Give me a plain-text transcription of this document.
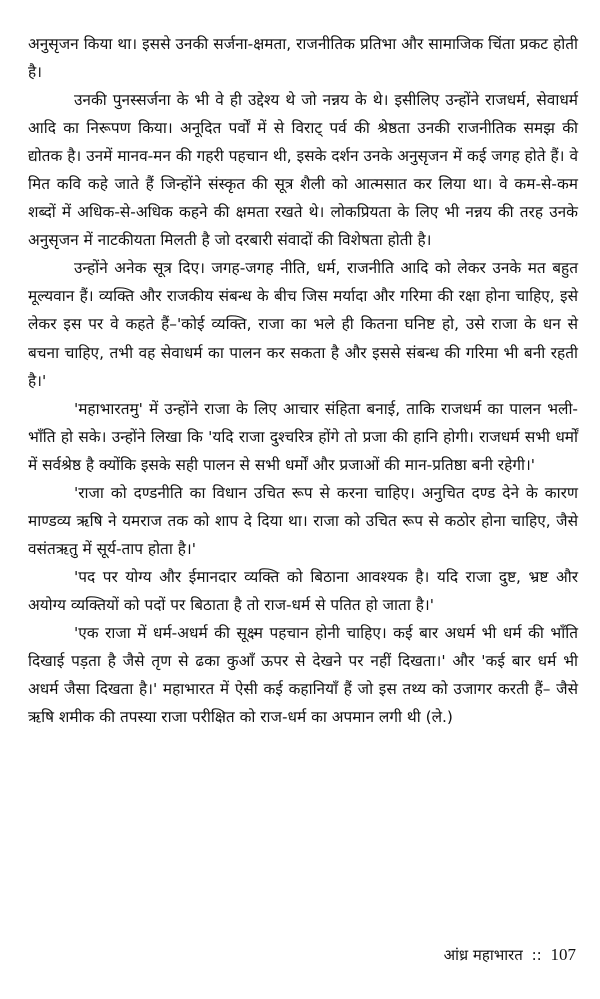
अनुसृजन किया था। इससे उनकी सर्जना-क्षमता, राजनीतिक प्रतिभा और सामाजिक चिंता प्रकट होती है।

उनकी पुनस्सर्जना के भी वे ही उद्देश्य थे जो नन्नय के थे। इसीलिए उन्होंने राजधर्म, सेवाधर्म आदि का निरूपण किया। अनूदित पर्वों में से विराट् पर्व की श्रेष्ठता उनकी राजनीतिक समझ की द्योतक है। उनमें मानव-मन की गहरी पहचान थी, इसके दर्शन उनके अनुसृजन में कई जगह होते हैं। वे मित कवि कहे जाते हैं जिन्होंने संस्कृत की सूत्र शैली को आत्मसात कर लिया था। वे कम-से-कम शब्दों में अधिक-से-अधिक कहने की क्षमता रखते थे। लोकप्रियता के लिए भी नन्नय की तरह उनके अनुसृजन में नाटकीयता मिलती है जो दरबारी संवादों की विशेषता होती है।

उन्होंने अनेक सूत्र दिए। जगह-जगह नीति, धर्म, राजनीति आदि को लेकर उनके मत बहुत मूल्यवान हैं। व्यक्ति और राजकीय संबन्ध के बीच जिस मर्यादा और गरिमा की रक्षा होना चाहिए, इसे लेकर इस पर वे कहते हैं–'कोई व्यक्ति, राजा का भले ही कितना घनिष्ट हो, उसे राजा के धन से बचना चाहिए, तभी वह सेवाधर्म का पालन कर सकता है और इससे संबन्ध की गरिमा भी बनी रहती है।'

'महाभारतमु' में उन्होंने राजा के लिए आचार संहिता बनाई, ताकि राजधर्म का पालन भली-भाँति हो सके। उन्होंने लिखा कि 'यदि राजा दुश्चरित्र होंगे तो प्रजा की हानि होगी। राजधर्म सभी धर्मों में सर्वश्रेष्ठ है क्योंकि इसके सही पालन से सभी धर्मों और प्रजाओं की मान-प्रतिष्ठा बनी रहेगी।'

'राजा को दण्डनीति का विधान उचित रूप से करना चाहिए। अनुचित दण्ड देने के कारण माण्डव्य ऋषि ने यमराज तक को शाप दे दिया था। राजा को उचित रूप से कठोर होना चाहिए, जैसे वसंतऋतु में सूर्य-ताप होता है।'

'पद पर योग्य और ईमानदार व्यक्ति को बिठाना आवश्यक है। यदि राजा दुष्ट, भ्रष्ट और अयोग्य व्यक्तियों को पदों पर बिठाता है तो राज-धर्म से पतित हो जाता है।'

'एक राजा में धर्म-अधर्म की सूक्ष्म पहचान होनी चाहिए। कई बार अधर्म भी धर्म की भाँति दिखाई पड़ता है जैसे तृण से ढका कुआँ ऊपर से देखने पर नहीं दिखता।' और 'कई बार धर्म भी अधर्म जैसा दिखता है।' महाभारत में ऐसी कई कहानियाँ हैं जो इस तथ्य को उजागर करती हैं– जैसे ऋषि शमीक की तपस्या राजा परीक्षित को राज-धर्म का अपमान लगी थी (ले.)

आंध्र महाभारत :: 107
